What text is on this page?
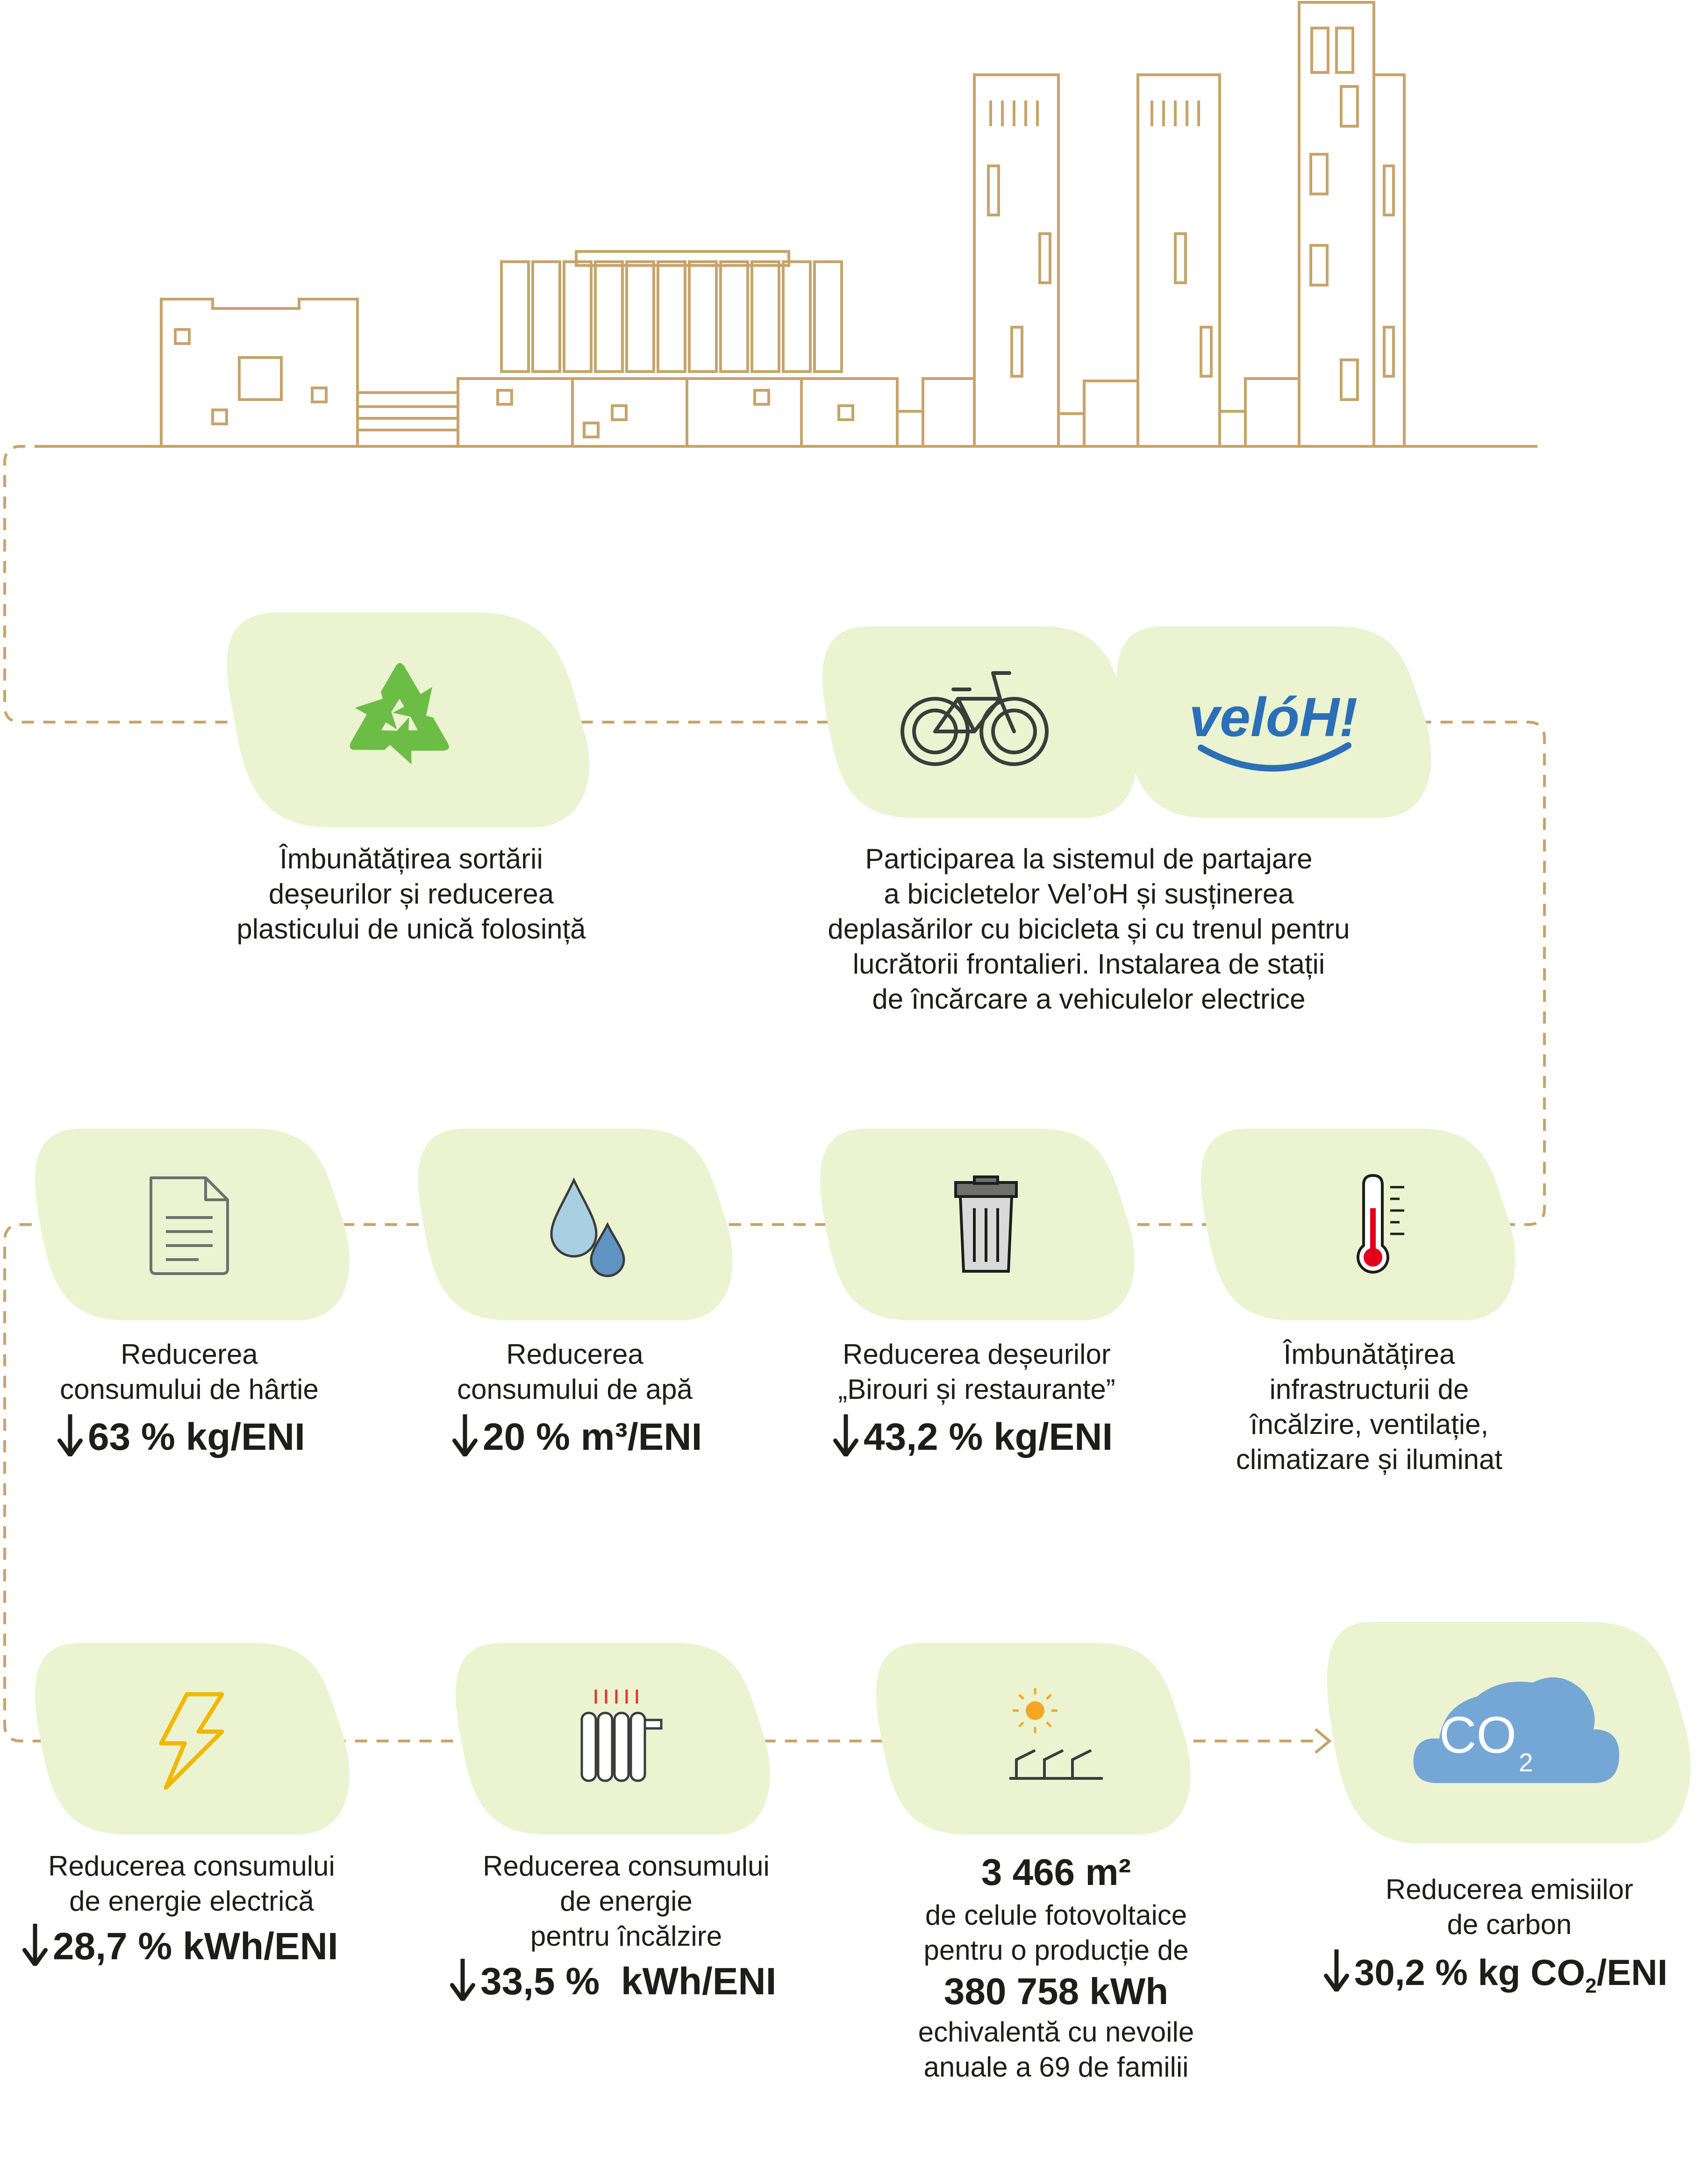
velóH!
CO 2
Îmbunătățirea sortării
deșeurilor și reducerea
plasticului de unică folosință
Participarea la sistemul de partajare
a bicicletelor Vel’oH și susținerea
deplasărilor cu bicicleta și cu trenul pentru
lucrătorii frontalieri. Instalarea de stații
de încărcare a vehiculelor electrice
Reducerea
consumului de hârtie
63 % kg/ENI
Reducerea
consumului de apă
20 % m³/ENI
Reducerea deșeurilor
„Birouri și restaurante”
43,2 % kg/ENI
Îmbunătățirea
infrastructurii de
încălzire, ventilație,
climatizare și iluminat
Reducerea consumului
de energie electrică
28,7 % kWh/ENI
Reducerea consumului
de energie
pentru încălzire
33,5 %  kWh/ENI
3 466 m²
de celule fotovoltaice
pentru o producție de
380 758 kWh
echivalentă cu nevoile
anuale a 69 de familii
Reducerea emisiilor
de carbon
30,2 % kg $CO_2$/ENI
